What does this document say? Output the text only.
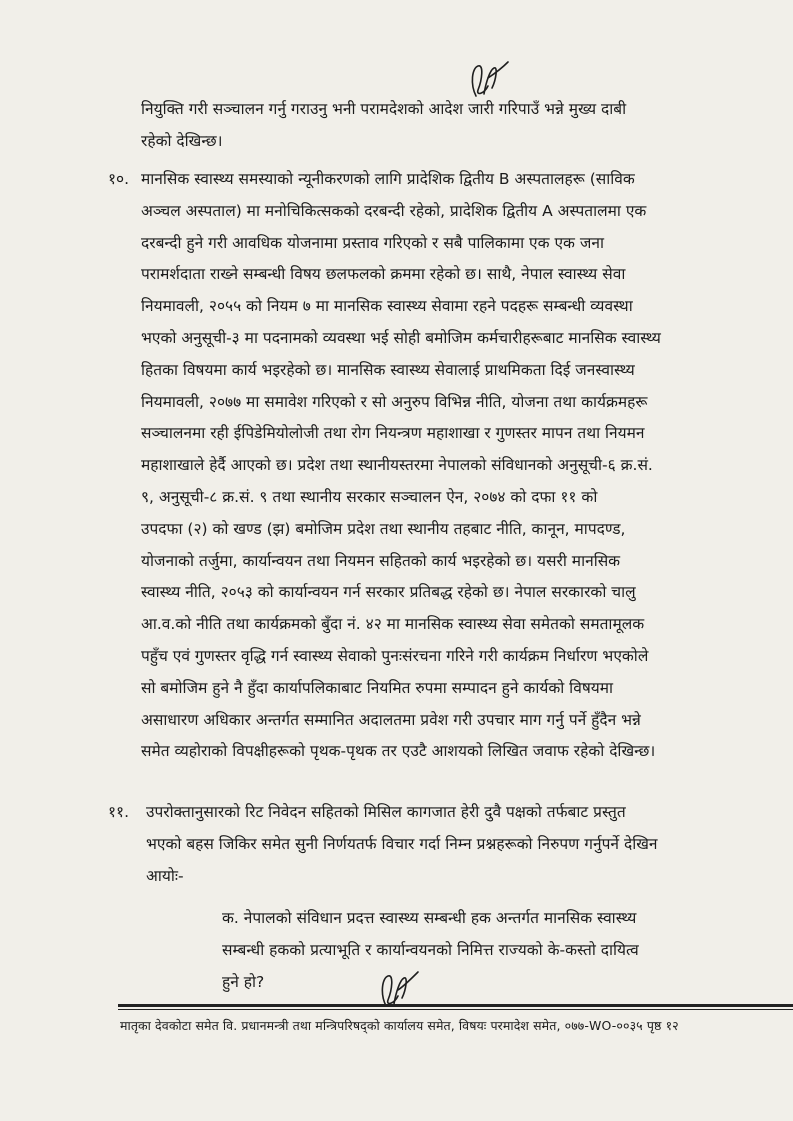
नियुक्ति गरी सञ्चालन गर्नु गराउनु भनी परामदेशको आदेश जारी गरिपाउँ भन्ने मुख्य दाबी
रहेको देखिन्छ।
१०. मानसिक स्वास्थ्य समस्याको न्यूनीकरणको लागि प्रादेशिक द्वितीय B अस्पतालहरू (साविक
अञ्चल अस्पताल) मा मनोचिकित्सकको दरबन्दी रहेको, प्रादेशिक द्वितीय A अस्पतालमा एक
दरबन्दी हुने गरी आवधिक योजनामा प्रस्ताव गरिएको र सबै पालिकामा एक एक जना
परामर्शदाता राख्ने सम्बन्धी विषय छलफलको क्रममा रहेको छ। साथै, नेपाल स्वास्थ्य सेवा
नियमावली, २०५५ को नियम ७ मा मानसिक स्वास्थ्य सेवामा रहने पदहरू सम्बन्धी व्यवस्था
भएको अनुसूची-३ मा पदनामको व्यवस्था भई सोही बमोजिम कर्मचारीहरूबाट मानसिक स्वास्थ्य
हितका विषयमा कार्य भइरहेको छ। मानसिक स्वास्थ्य सेवालाई प्राथमिकता दिई जनस्वास्थ्य
नियमावली, २०७७ मा समावेश गरिएको र सो अनुरुप विभिन्न नीति, योजना तथा कार्यक्रमहरू
सञ्चालनमा रही ईपिडेमियोलोजी तथा रोग नियन्त्रण महाशाखा र गुणस्तर मापन तथा नियमन
महाशाखाले हेर्दै आएको छ। प्रदेश तथा स्थानीयस्तरमा नेपालको संविधानको अनुसूची-६ क्र.सं.
९, अनुसूची-८ क्र.सं. ९ तथा स्थानीय सरकार सञ्चालन ऐन, २०७४ को दफा ११ को
उपदफा (२) को खण्ड (झ) बमोजिम प्रदेश तथा स्थानीय तहबाट नीति, कानून, मापदण्ड,
योजनाको तर्जुमा, कार्यान्वयन तथा नियमन सहितको कार्य भइरहेको छ। यसरी मानसिक
स्वास्थ्य नीति, २०५३ को कार्यान्वयन गर्न सरकार प्रतिबद्ध रहेको छ। नेपाल सरकारको चालु
आ.व.को नीति तथा कार्यक्रमको बुँदा नं. ४२ मा मानसिक स्वास्थ्य सेवा समेतको समतामूलक
पहुँच एवं गुणस्तर वृद्धि गर्न स्वास्थ्य सेवाको पुनःसंरचना गरिने गरी कार्यक्रम निर्धारण भएकोले
सो बमोजिम हुने नै हुँदा कार्यापलिकाबाट नियमित रुपमा सम्पादन हुने कार्यको विषयमा
असाधारण अधिकार अन्तर्गत सम्मानित अदालतमा प्रवेश गरी उपचार माग गर्नु पर्ने हुँदैन भन्ने
समेत व्यहोराको विपक्षीहरूको पृथक-पृथक तर एउटै आशयको लिखित जवाफ रहेको देखिन्छ।
११. उपरोक्तानुसारको रिट निवेदन सहितको मिसिल कागजात हेरी दुवै पक्षको तर्फबाट प्रस्तुत
भएको बहस जिकिर समेत सुनी निर्णयतर्फ विचार गर्दा निम्न प्रश्नहरूको निरुपण गर्नुपर्ने देखिन
आयोः-
क. नेपालको संविधान प्रदत्त स्वास्थ्य सम्बन्धी हक अन्तर्गत मानसिक स्वास्थ्य
सम्बन्धी हकको प्रत्याभूति र कार्यान्वयनको निमित्त राज्यको के-कस्तो दायित्व
हुने हो?
मातृका देवकोटा समेत वि. प्रधानमन्त्री तथा मन्त्रिपरिषद्को कार्यालय समेत, विषयः परमादेश समेत, ०७७-WO-००३५ पृष्ठ १२
